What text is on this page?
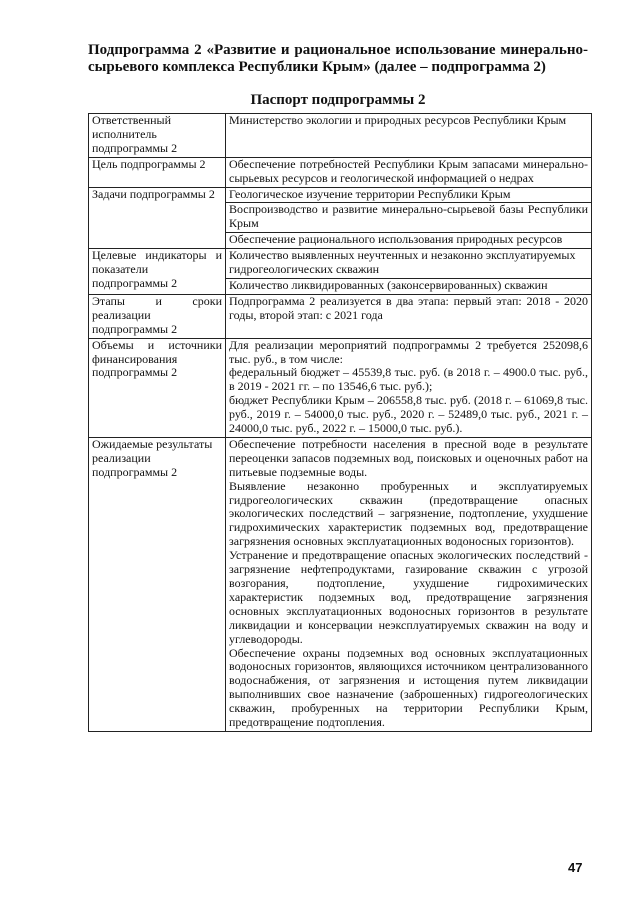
Подпрограмма 2 «Развитие и рациональное использование минерально-сырьевого комплекса Республики Крым» (далее – подпрограмма 2)
Паспорт подпрограммы 2
Ответственный исполнитель подпрограммы 2	Министерство экологии и природных ресурсов Республики Крым
Цель подпрограммы 2	Обеспечение потребностей Республики Крым запасами минерально-сырьевых ресурсов и геологической информацией о недрах
Задачи подпрограммы 2	Геологическое изучение территории Республики Крым
	Воспроизводство и развитие минерально-сырьевой базы Республики Крым
	Обеспечение рационального использования природных ресурсов
Целевые индикаторы и показатели подпрограммы 2	Количество выявленных неучтенных и незаконно эксплуатируемых гидрогеологических скважин
	Количество ликвидированных (законсервированных) скважин
Этапы и сроки реализации подпрограммы 2	Подпрограмма 2 реализуется в два этапа: первый этап: 2018 - 2020 годы, второй этап: с 2021 года
Объемы и источники финансирования подпрограммы 2	Для реализации мероприятий подпрограммы 2 требуется 252098,6 тыс. руб., в том числе:

федеральный бюджет – 45539,8 тыс. руб. (в 2018 г. – 4900.0 тыс. руб., в 2019 - 2021 гг. – по 13546,6 тыс. руб.);

бюджет Республики Крым – 206558,8 тыс. руб. (2018 г. – 61069,8 тыс. руб., 2019 г. – 54000,0 тыс. руб., 2020 г. – 52489,0 тыс. руб., 2021 г. – 24000,0 тыс. руб., 2022 г. – 15000,0 тыс. руб.).

Ожидаемые результаты реализации подпрограммы 2	Обеспечение потребности населения в пресной воде в результате переоценки запасов подземных вод, поисковых и оценочных работ на питьевые подземные воды.

Выявление незаконно пробуренных и эксплуатируемых гидрогеологических скважин (предотвращение опасных экологических последствий – загрязнение, подтопление, ухудшение гидрохимических характеристик подземных вод, предотвращение загрязнения основных эксплуатационных водоносных горизонтов).

Устранение и предотвращение опасных экологических последствий - загрязнение нефтепродуктами, газирование скважин с угрозой возгорания, подтопление, ухудшение гидрохимических характеристик подземных вод, предотвращение загрязнения основных эксплуатационных водоносных горизонтов в результате ликвидации и консервации неэксплуатируемых скважин на воду и углеводороды.

Обеспечение охраны подземных вод основных эксплуатационных водоносных горизонтов, являющихся источником централизованного водоснабжения, от загрязнения и истощения путем ликвидации выполнивших свое назначение (заброшенных) гидрогеологических скважин, пробуренных на территории Республики Крым, предотвращение подтопления.

47
